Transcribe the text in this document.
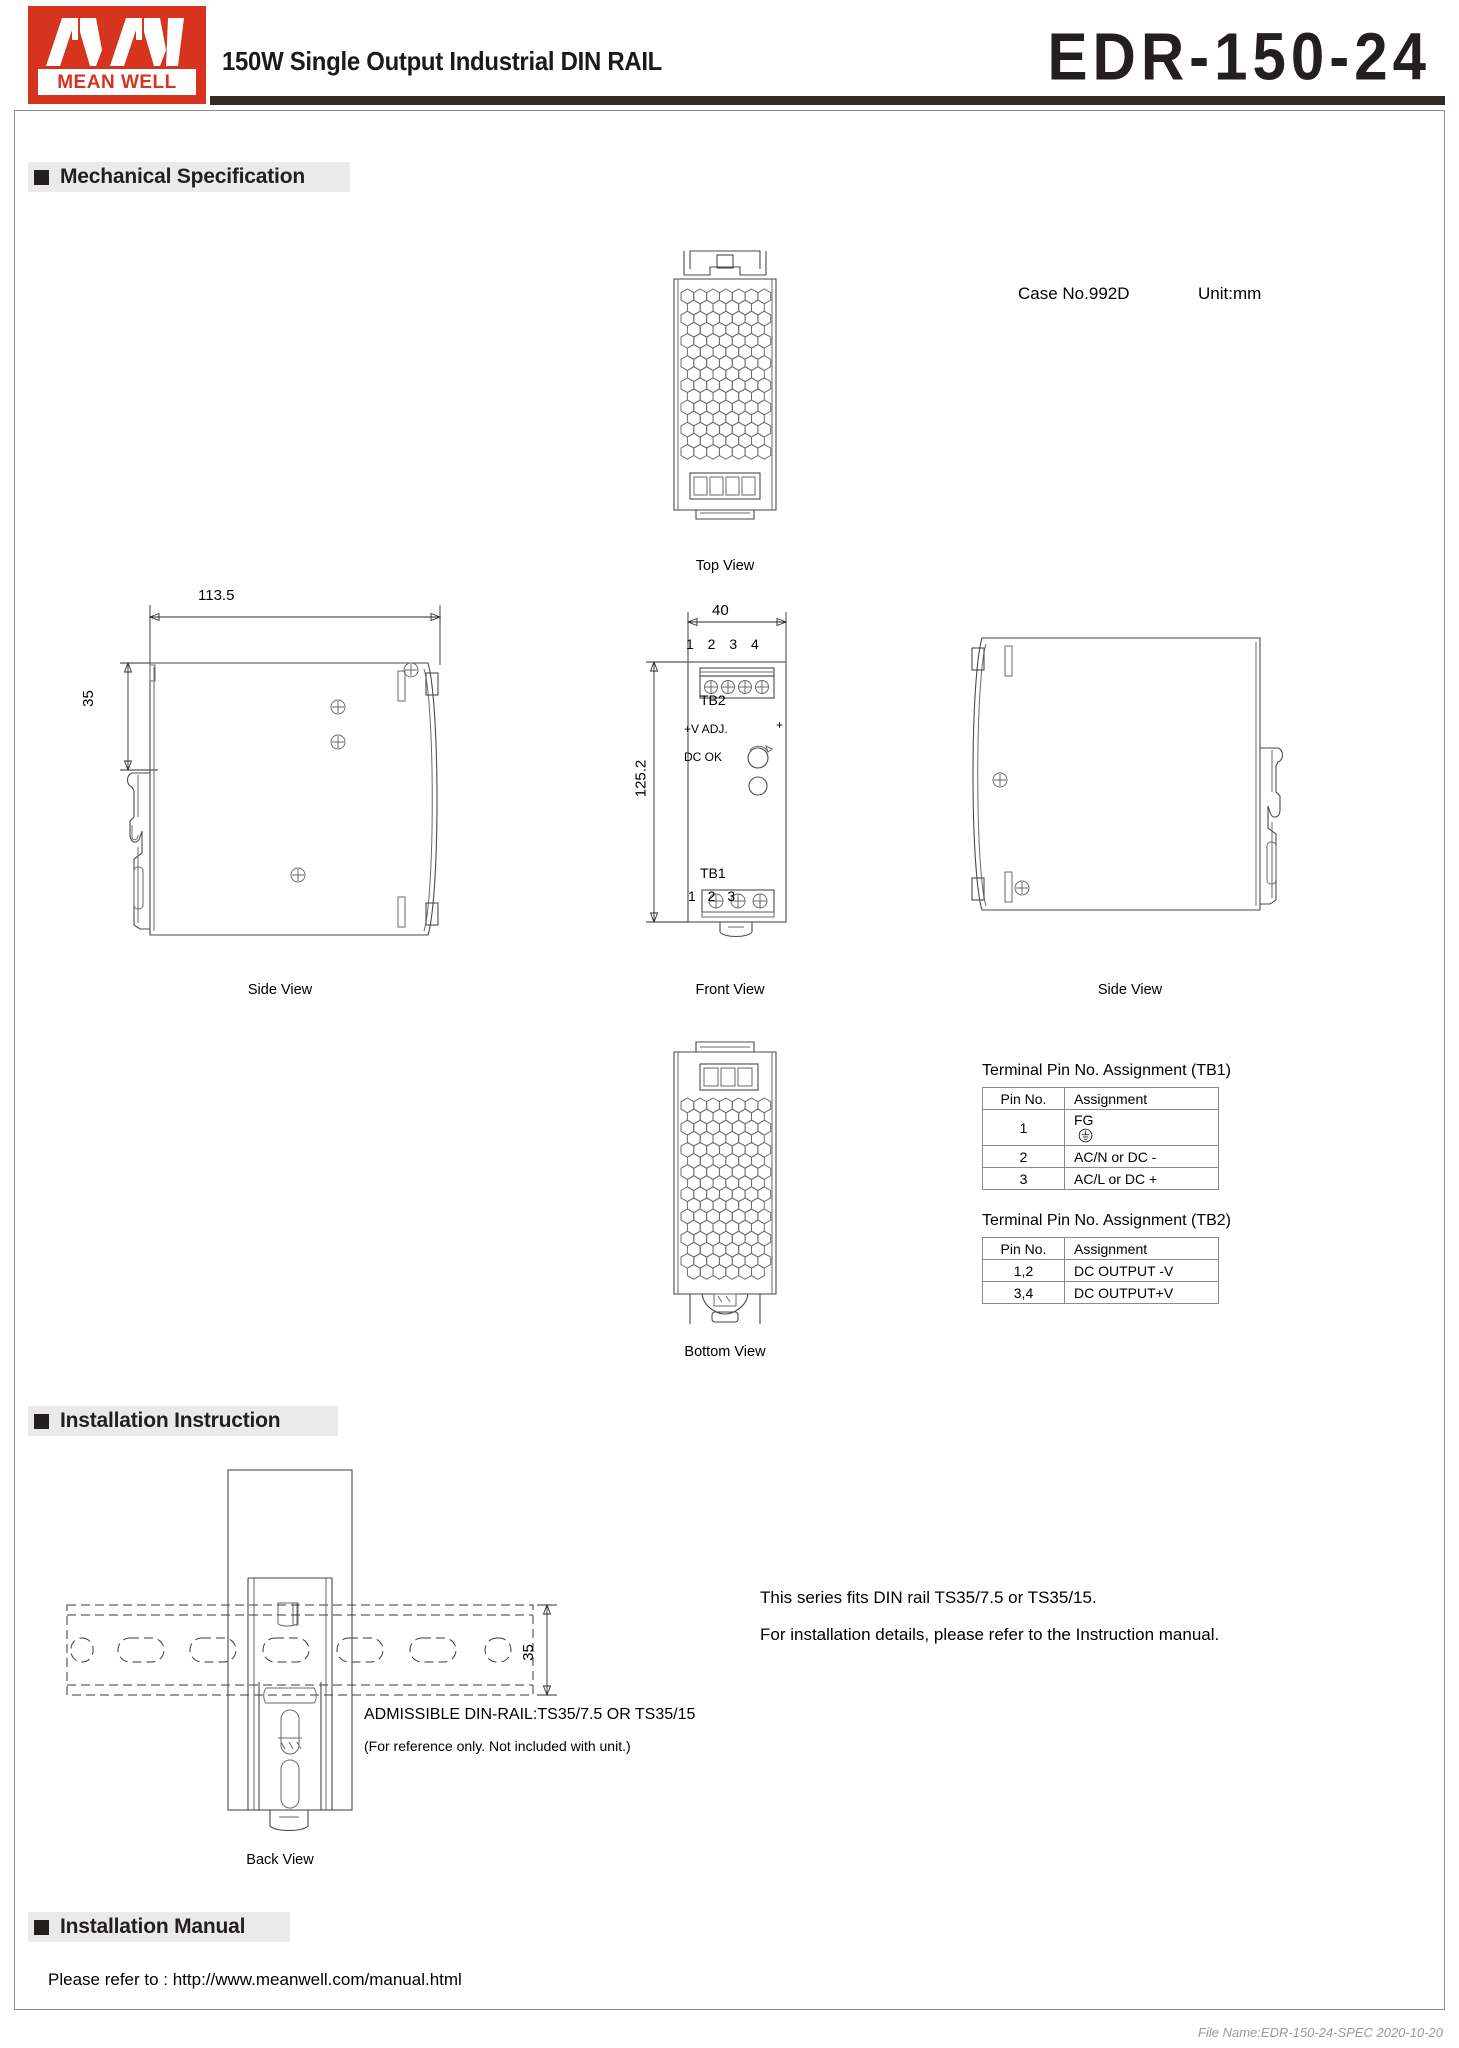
MEAN WELL
150W Single Output Industrial DIN RAIL	EDR-150-24
Mechanical Specification
Case No.992D	Unit:mm
Top View
Side View
113.5
35
40
125.2
1 2 3 4
TB2
+V ADJ.	+
DC OK
TB1
1 2 3
Front View	Side View
Bottom View
Terminal Pin No. Assignment (TB1)
Pin No.	Assignment
1	FG

2	AC/N or DC -
3	AC/L or DC +
Terminal Pin No. Assignment (TB2)
Pin No.	Assignment
1,2	DC OUTPUT -V
3,4	DC OUTPUT+V
Installation Instruction
35
Back View
ADMISSIBLE DIN-RAIL:TS35/7.5 OR TS35/15
(For reference only. Not included with unit.)
This series fits DIN rail TS35/7.5 or TS35/15.
For installation details, please refer to the Instruction manual.
Installation Manual
Please refer to : http://www.meanwell.com/manual.html
File Name:EDR-150-24-SPEC 2020-10-20
